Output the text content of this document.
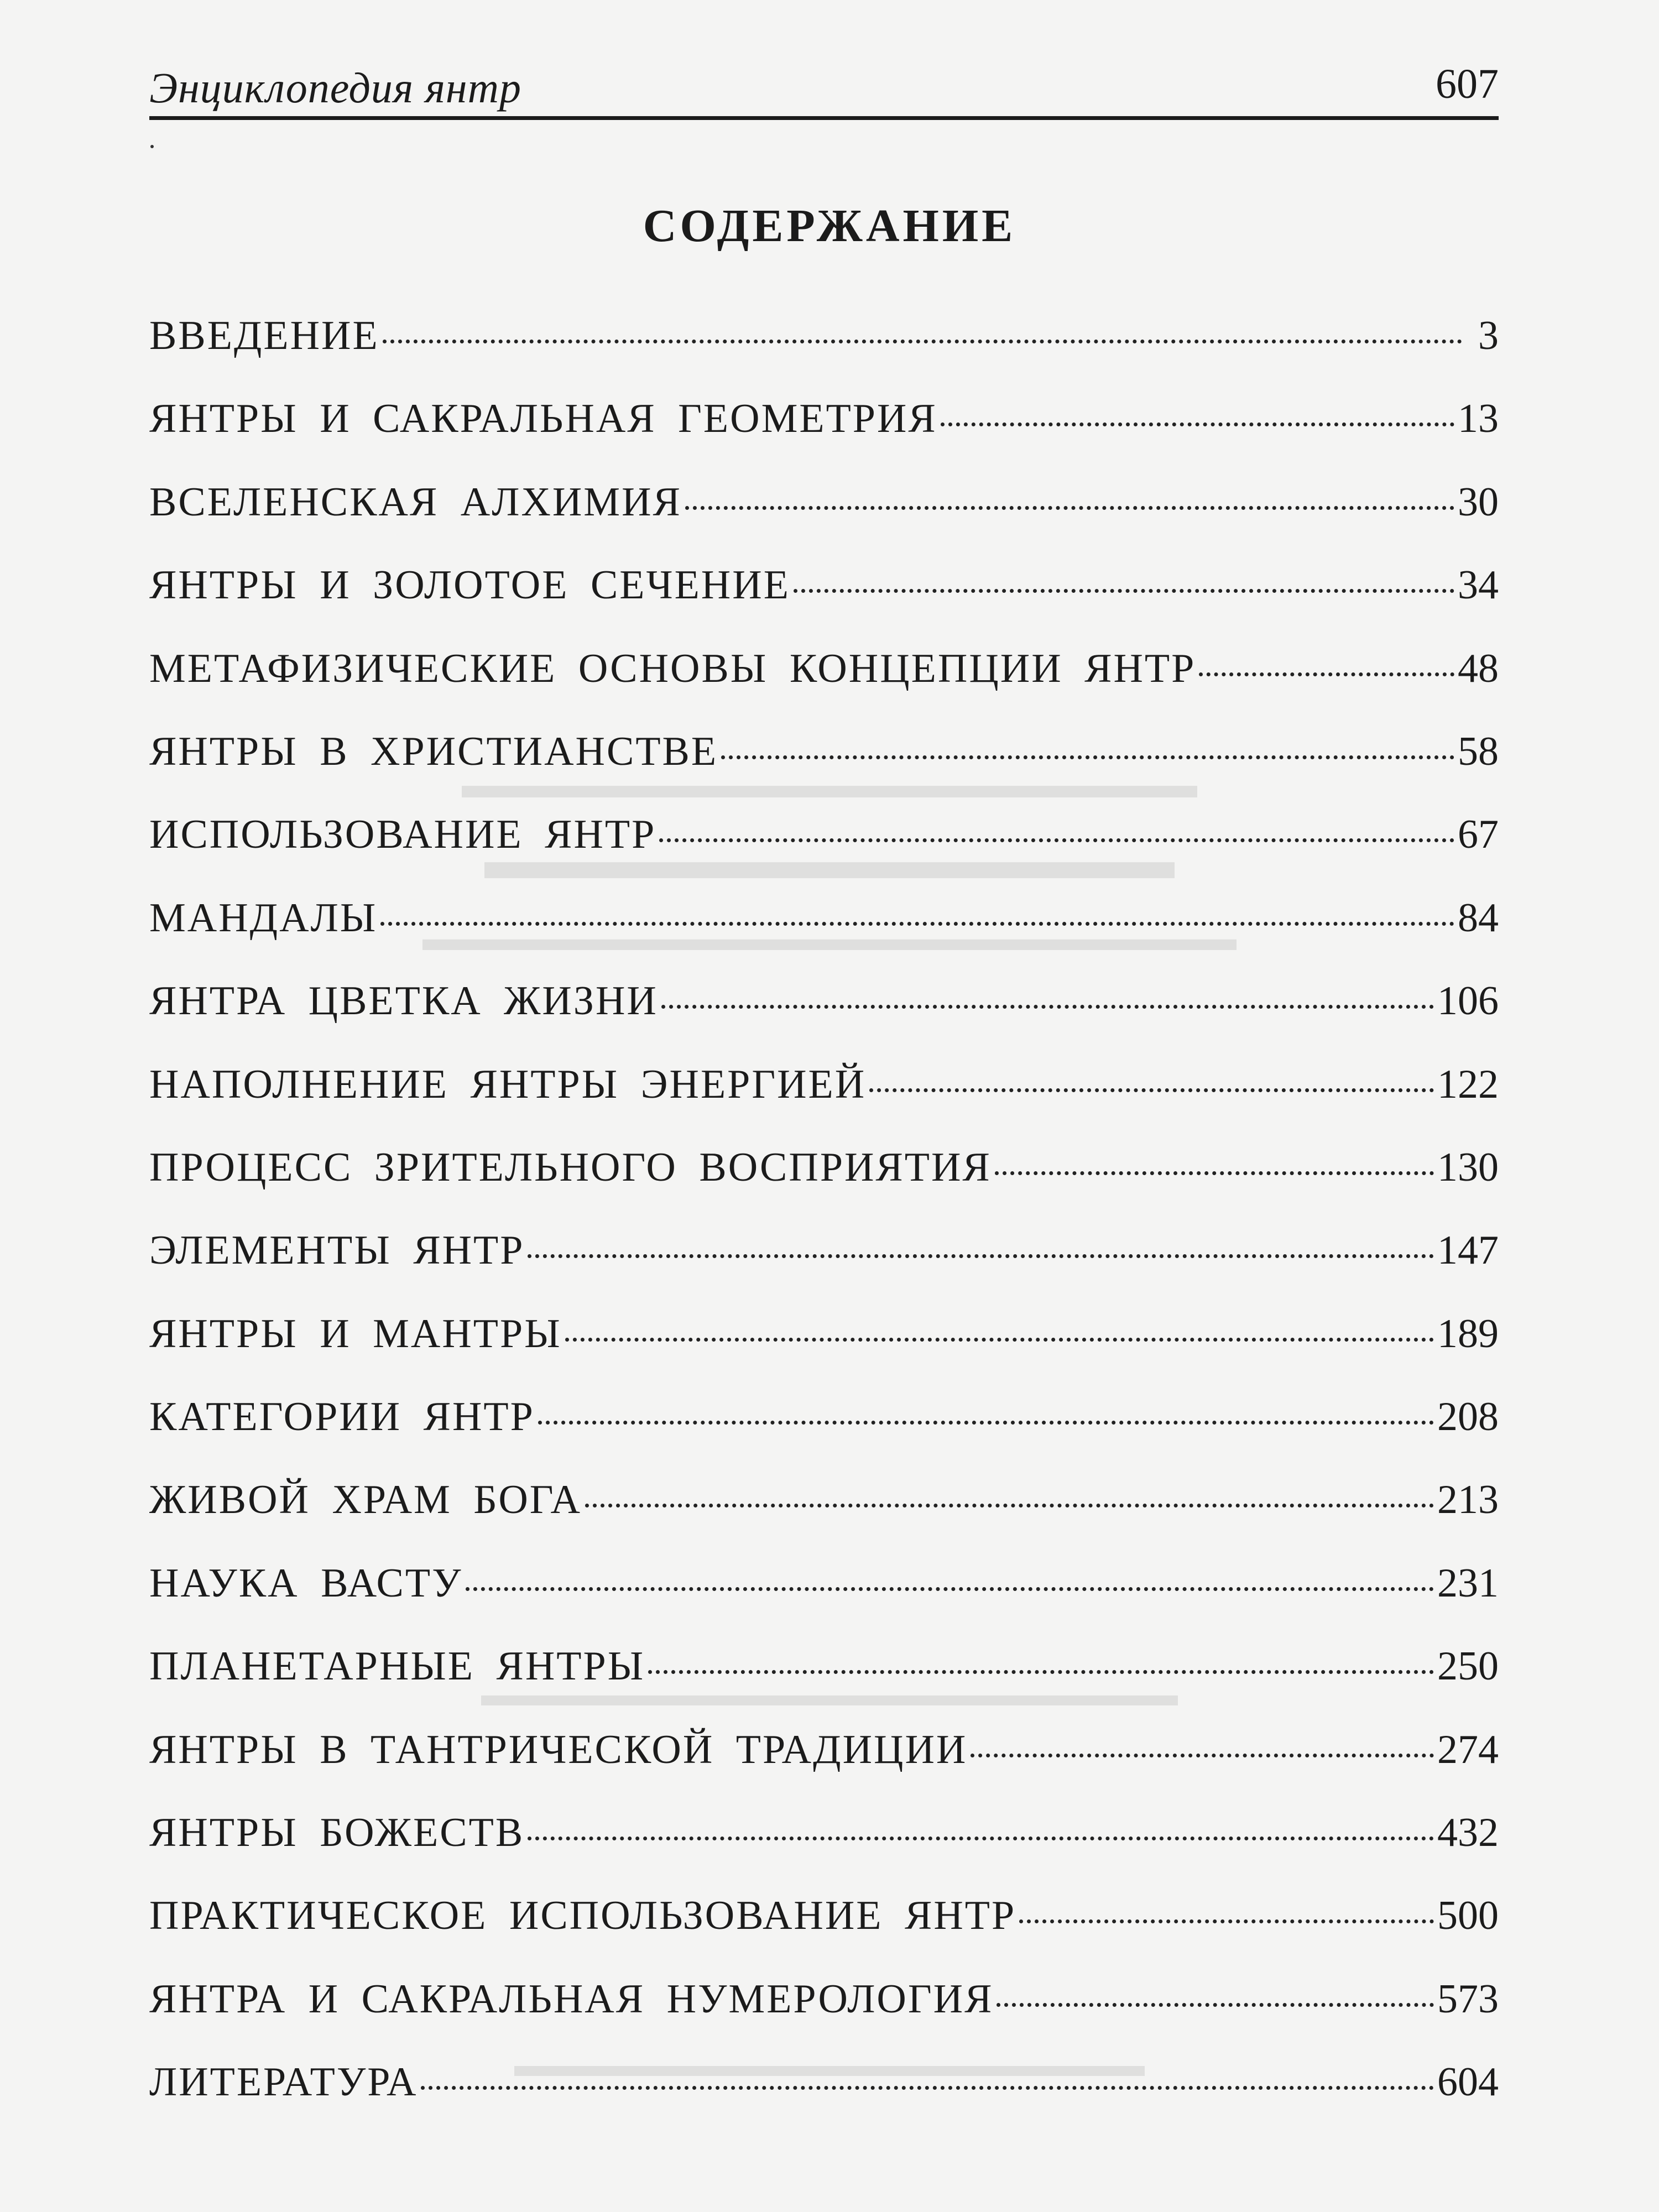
▬▬▬▬▬▬▬▬▬▬▬▬▬▬▬▬▬▬▬
▬▬▬▬▬▬▬▬▬▬▬▬▬
▬▬▬▬▬▬▬▬▬▬▬▬▬▬▬▬▬▬▬▬▬▬▬
▬▬▬▬▬▬▬▬▬▬▬▬▬▬▬▬▬▬▬▬▬
▬▬▬▬▬▬▬▬▬▬▬▬▬▬▬▬▬▬▬
Энциклопедия янтр	607
СОДЕРЖАНИЕ
ВВЕДЕНИЕ	3
ЯНТРЫ И САКРАЛЬНАЯ ГЕОМЕТРИЯ	13
ВСЕЛЕНСКАЯ АЛХИМИЯ	30
ЯНТРЫ И ЗОЛОТОЕ СЕЧЕНИЕ	34
МЕТАФИЗИЧЕСКИЕ ОСНОВЫ КОНЦЕПЦИИ ЯНТР	48
ЯНТРЫ В ХРИСТИАНСТВЕ	58
ИСПОЛЬЗОВАНИЕ ЯНТР	67
МАНДАЛЫ	84
ЯНТРА ЦВЕТКА ЖИЗНИ	106
НАПОЛНЕНИЕ ЯНТРЫ ЭНЕРГИЕЙ	122
ПРОЦЕСС ЗРИТЕЛЬНОГО ВОСПРИЯТИЯ	130
ЭЛЕМЕНТЫ ЯНТР	147
ЯНТРЫ И МАНТРЫ	189
КАТЕГОРИИ ЯНТР	208
ЖИВОЙ ХРАМ БОГА	213
НАУКА ВАСТУ	231
ПЛАНЕТАРНЫЕ ЯНТРЫ	250
ЯНТРЫ В ТАНТРИЧЕСКОЙ ТРАДИЦИИ	274
ЯНТРЫ БОЖЕСТВ	432
ПРАКТИЧЕСКОЕ ИСПОЛЬЗОВАНИЕ ЯНТР	500
ЯНТРА И САКРАЛЬНАЯ НУМЕРОЛОГИЯ	573
ЛИТЕРАТУРА	604
